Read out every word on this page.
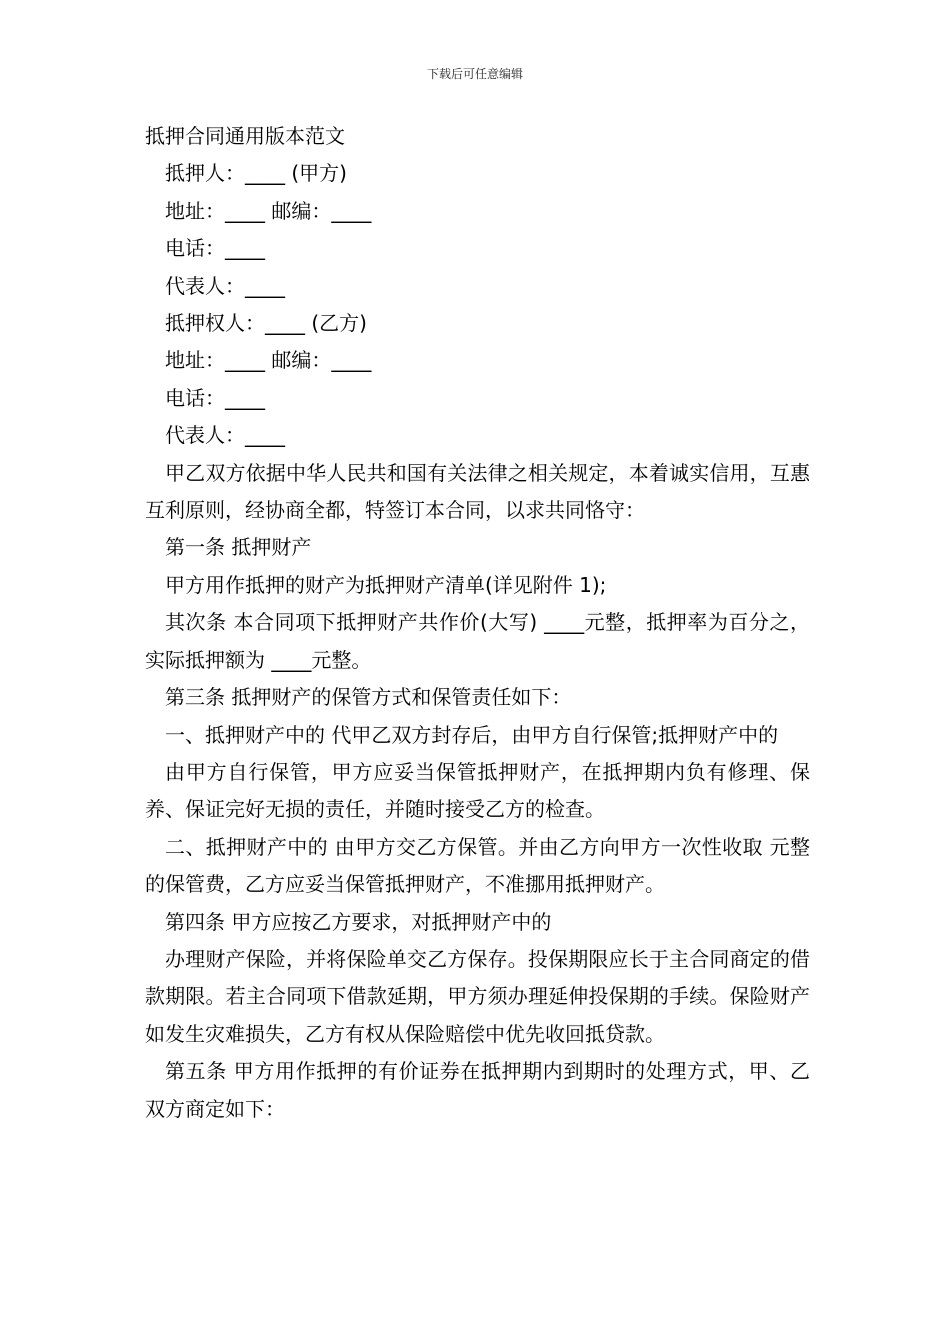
下载后可任意编辑
抵押合同通用版本范文
抵押人：____ (甲方)
地址：____ 邮编：____
电话：____
代表人：____
抵押权人：____ (乙方)
地址：____ 邮编：____
电话：____
代表人：____
甲乙双方依据中华人民共和国有关法律之相关规定，本着诚实信用，互惠互利原则，经协商全都，特签订本合同，以求共同恪守：
第一条 抵押财产
甲方用作抵押的财产为抵押财产清单(详见附件 1);
其次条 本合同项下抵押财产共作价(大写) ____元整，抵押率为百分之，实际抵押额为 ____元整。
第三条 抵押财产的保管方式和保管责任如下：
一、抵押财产中的 代甲乙双方封存后，由甲方自行保管;抵押财产中的
由甲方自行保管，甲方应妥当保管抵押财产，在抵押期内负有修理、保养、保证完好无损的责任，并随时接受乙方的检查。
二、抵押财产中的 由甲方交乙方保管。并由乙方向甲方一次性收取 元整的保管费，乙方应妥当保管抵押财产，不准挪用抵押财产。
第四条 甲方应按乙方要求，对抵押财产中的
办理财产保险，并将保险单交乙方保存。投保期限应长于主合同商定的借款期限。若主合同项下借款延期，甲方须办理延伸投保期的手续。保险财产如发生灾难损失，乙方有权从保险赔偿中优先收回抵贷款。
第五条 甲方用作抵押的有价证券在抵押期内到期时的处理方式，甲、乙双方商定如下：
